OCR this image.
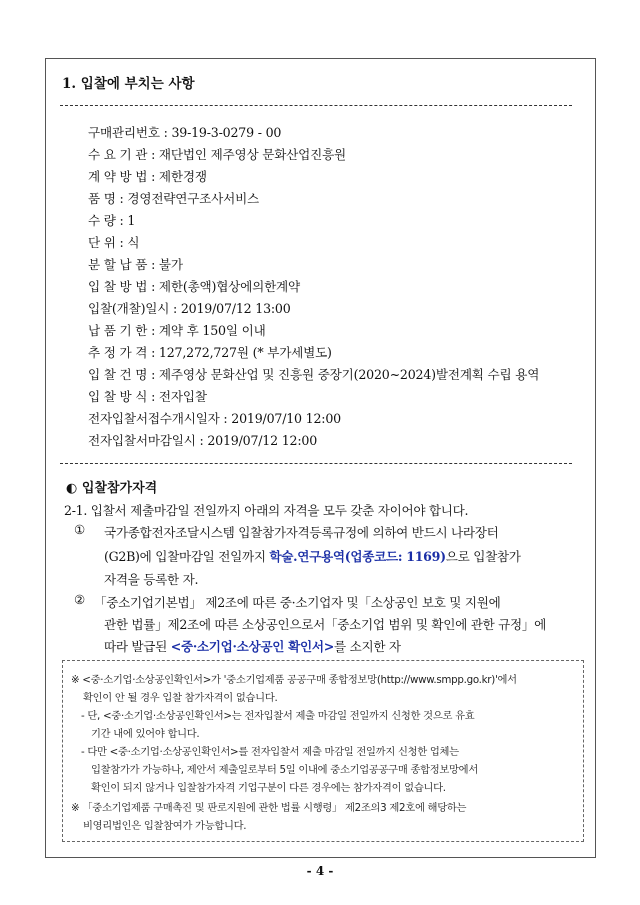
1. 입찰에 부치는 사항
구매관리번호 : 39-19-3-0279 - 00
수 요 기 관 : 재단법인 제주영상 문화산업진흥원
계 약 방 법 : 제한경쟁
품 명 : 경영전략연구조사서비스
수 량 : 1
단 위 : 식
분 할 납 품 : 불가
입 찰 방 법 : 제한(총액)협상에의한계약
입찰(개찰)일시 : 2019/07/12 13:00
납 품 기 한 : 계약 후 150일 이내
추 정 가 격 : 127,272,727원 (* 부가세별도)
입 찰 건 명 : 제주영상 문화산업 및 진흥원 중장기(2020~2024)발전계획 수립 용역
입 찰 방 식 : 전자입찰
전자입찰서접수개시일자 : 2019/07/10 12:00
전자입찰서마감일시 : 2019/07/12 12:00
◐ 입찰참가자격
2-1. 입찰서 제출마감일 전일까지 아래의 자격을 모두 갖춘 자이어야 합니다.
① 국가종합전자조달시스템 입찰참가자격등록규정에 의하여 반드시 나라장터
(G2B)에 입찰마감일 전일까지 학술.연구용역(업종코드: 1169)으로 입찰참가
자격을 등록한 자.
② 「중소기업기본법」 제2조에 따른 중·소기업자 및「소상공인 보호 및 지원에
관한 법률」제2조에 따른 소상공인으로서「중소기업 범위 및 확인에 관한 규정」에
따라 발급된 <중·소기업·소상공인 확인서>를 소지한 자
※ <중·소기업·소상공인확인서>가 '중소기업제품 공공구매 종합정보망(http://www.smpp.go.kr)'에서
확인이 안 될 경우 입찰 참가자격이 없습니다.
- 단, <중·소기업·소상공인확인서>는 전자입찰서 제출 마감일 전일까지 신청한 것으로 유효
기간 내에 있어야 합니다.
- 다만 <중·소기업·소상공인확인서>를 전자입찰서 제출 마감일 전일까지 신청한 업체는
입찰참가가 가능하나, 제안서 제출일로부터 5일 이내에 중소기업공공구매 종합정보망에서
확인이 되지 않거나 입찰참가자격 기업구분이 다른 경우에는 참가자격이 없습니다.
※ 「중소기업제품 구매촉진 및 판로지원에 관한 법률 시행령」 제2조의3 제2호에 해당하는
비영리법인은 입찰참여가 가능합니다.
- 4 -
